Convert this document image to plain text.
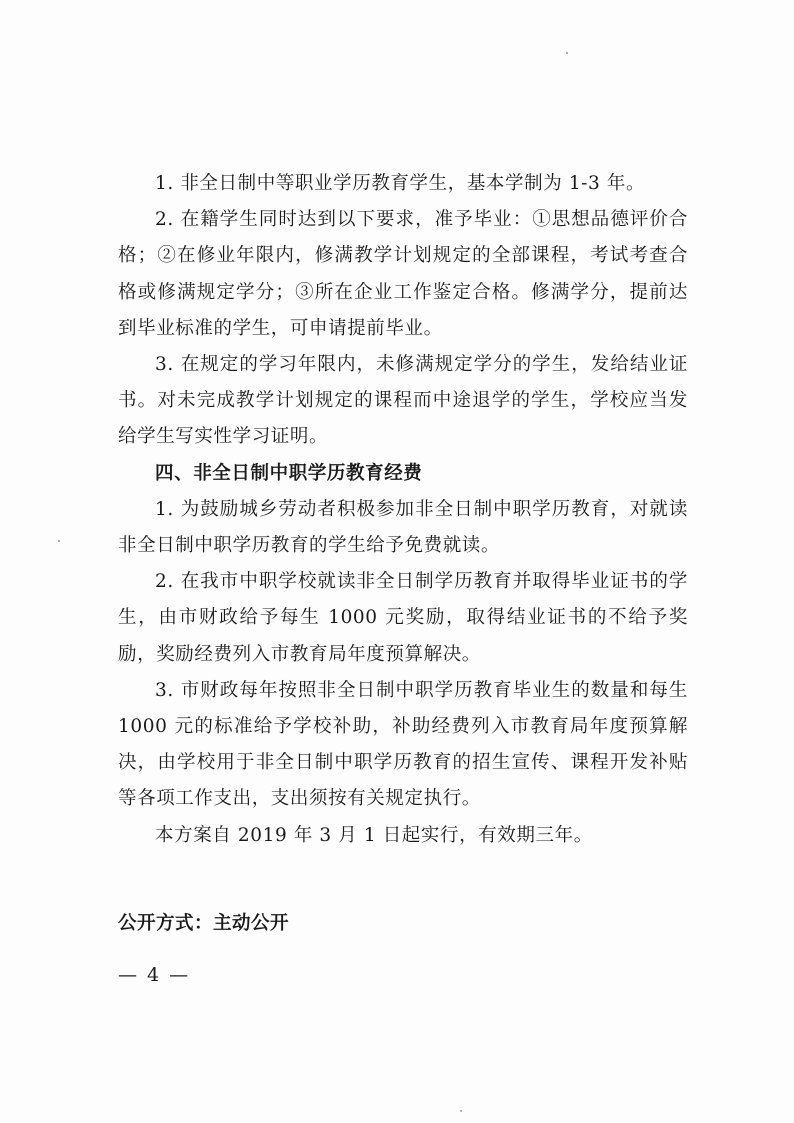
1. 非全日制中等职业学历教育学生，基本学制为 1-3 年。

2. 在籍学生同时达到以下要求，准予毕业：①思想品德评价合格；②在修业年限内，修满教学计划规定的全部课程，考试考查合格或修满规定学分；③所在企业工作鉴定合格。修满学分，提前达到毕业标准的学生，可申请提前毕业。

3. 在规定的学习年限内，未修满规定学分的学生，发给结业证书。对未完成教学计划规定的课程而中途退学的学生，学校应当发给学生写实性学习证明。

四、非全日制中职学历教育经费

1. 为鼓励城乡劳动者积极参加非全日制中职学历教育，对就读非全日制中职学历教育的学生给予免费就读。

2. 在我市中职学校就读非全日制学历教育并取得毕业证书的学生，由市财政给予每生 1000 元奖励，取得结业证书的不给予奖励，奖励经费列入市教育局年度预算解决。

3. 市财政每年按照非全日制中职学历教育毕业生的数量和每生 1000 元的标准给予学校补助，补助经费列入市教育局年度预算解决，由学校用于非全日制中职学历教育的招生宣传、课程开发补贴等各项工作支出，支出须按有关规定执行。

本方案自 2019 年 3 月 1 日起实行，有效期三年。

公开方式：主动公开
— 4 —
